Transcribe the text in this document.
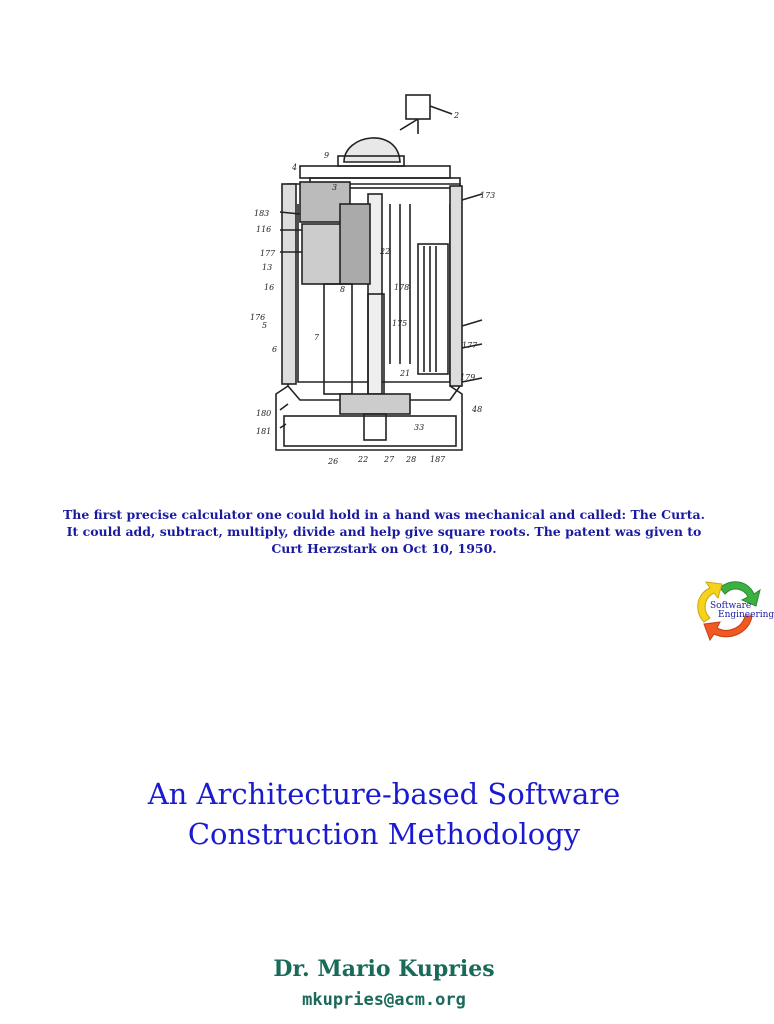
2
9
4
3
183
116
22
177
173
13
16	8	178
176
5	175
6
7
177
21	179
180	48
181
26 22 27 28 187
33
The first precise calculator one could hold in a hand was mechanical and called: The Curta.
It could add, subtract, multiply, divide and help give square roots. The patent was given to
Curt Herzstark on Oct 10, 1950.
Software
Engineering
An Architecture-based Software
Construction Methodology
Dr. Mario Kupries
mkupries@acm.org
